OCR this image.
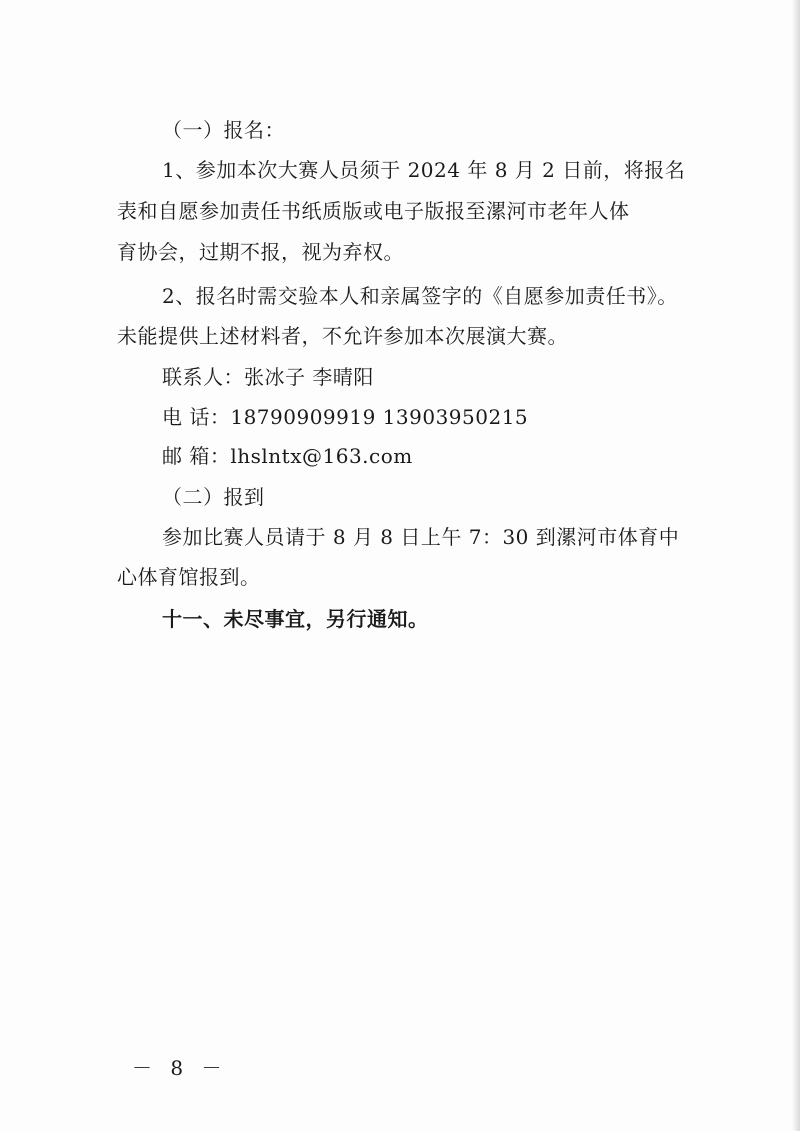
（一）报名：
1、参加本次大赛人员须于 2024 年 8 月 2 日前，将报名
表和自愿参加责任书纸质版或电子版报至漯河市老年人体
育协会，过期不报，视为弃权。
2、报名时需交验本人和亲属签字的《自愿参加责任书》。
未能提供上述材料者，不允许参加本次展演大赛。
联系人：张冰子 李晴阳
电 话：18790909919 13903950215
邮 箱：lhslntx@163.com
（二）报到
参加比赛人员请于 8 月 8 日上午 7：30 到漯河市体育中
心体育馆报到。
十一、未尽事宜，另行通知。
－ 8 －
